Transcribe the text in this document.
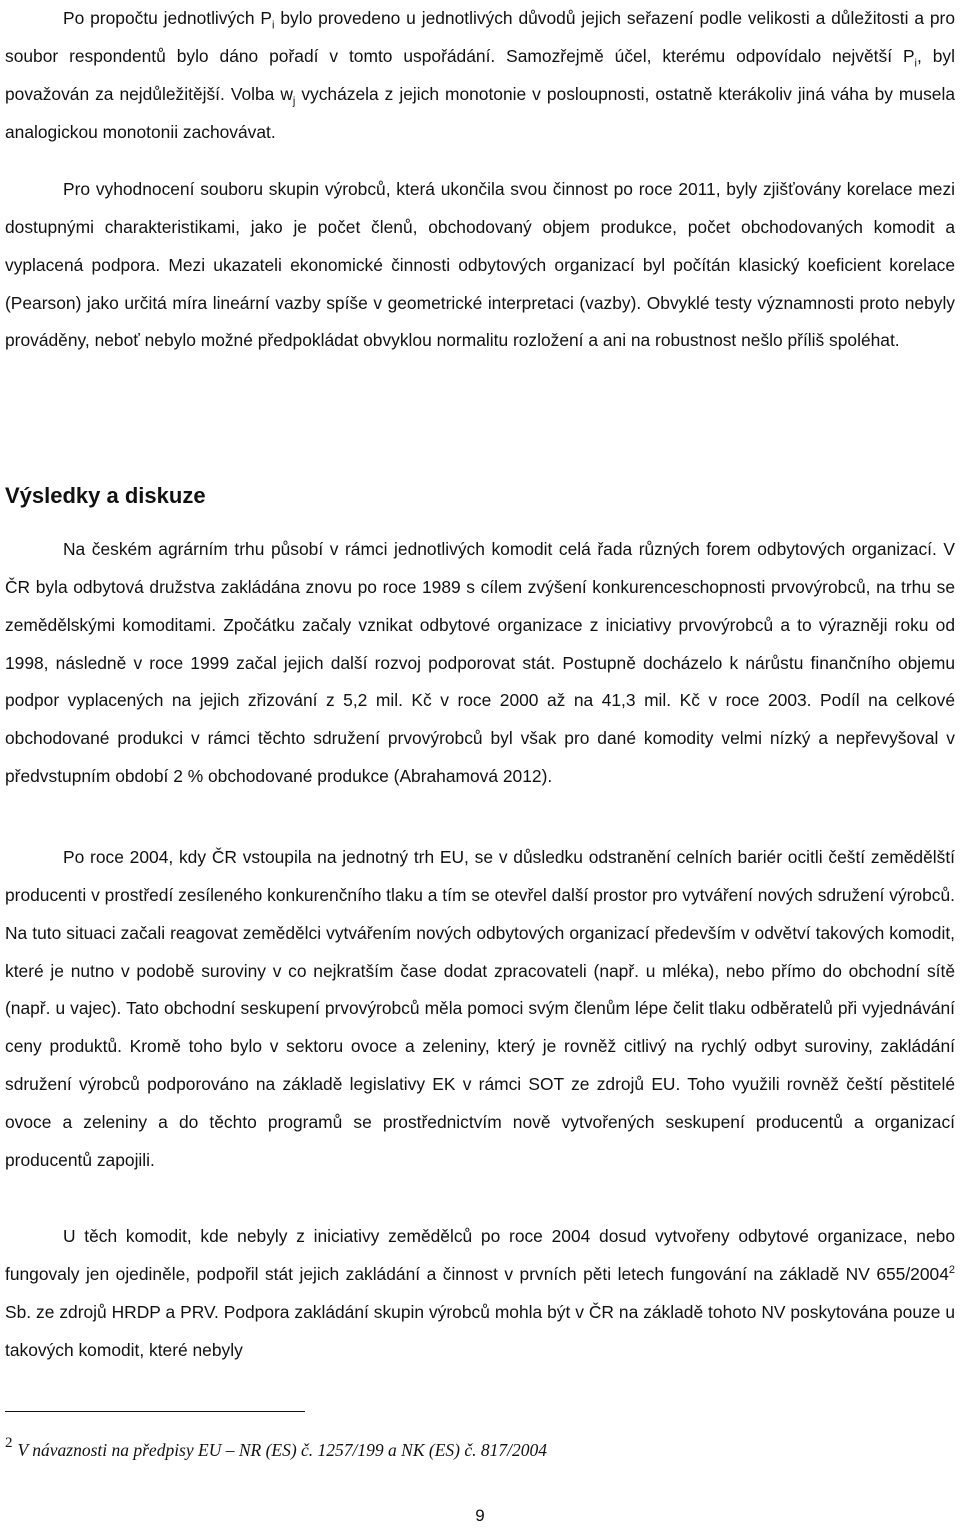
Po propočtu jednotlivých $P_i$ bylo provedeno u jednotlivých důvodů jejich seřazení podle velikosti a důležitosti a pro soubor respondentů bylo dáno pořadí v tomto uspořádání. Samozřejmě účel, kterému odpovídalo největší $P_i$, byl považován za nejdůležitější. Volba $w_j$ vycházela z jejich monotonie v posloupnosti, ostatně kterákoliv jiná váha by musela analogickou monotonii zachovávat.

Pro vyhodnocení souboru skupin výrobců, která ukončila svou činnost po roce 2011, byly zjišťovány korelace mezi dostupnými charakteristikami, jako je počet členů, obchodovaný objem produkce, počet obchodovaných komodit a vyplacená podpora. Mezi ukazateli ekonomické činnosti odbytových organizací byl počítán klasický koeficient korelace (Pearson) jako určitá míra lineární vazby spíše v geometrické interpretaci (vazby). Obvyklé testy významnosti proto nebyly prováděny, neboť nebylo možné předpokládat obvyklou normalitu rozložení a ani na robustnost nešlo příliš spoléhat.

Výsledky a diskuze

Na českém agrárním trhu působí v rámci jednotlivých komodit celá řada různých forem odbytových organizací. V ČR byla odbytová družstva zakládána znovu po roce 1989 s cílem zvýšení konkurenceschopnosti prvovýrobců, na trhu se zemědělskými komoditami. Zpočátku začaly vznikat odbytové organizace z iniciativy prvovýrobců a to výrazněji roku od 1998, následně v roce 1999 začal jejich další rozvoj podporovat stát. Postupně docházelo k nárůstu finančního objemu podpor vyplacených na jejich zřizování z 5,2 mil. Kč v roce 2000 až na 41,3 mil. Kč v roce 2003. Podíl na celkové obchodované produkci v rámci těchto sdružení prvovýrobců byl však pro dané komodity velmi nízký a nepřevyšoval v předvstupním období 2 % obchodované produkce (Abrahamová 2012).

Po roce 2004, kdy ČR vstoupila na jednotný trh EU, se v důsledku odstranění celních bariér ocitli čeští zemědělští producenti v prostředí zesíleného konkurenčního tlaku a tím se otevřel další prostor pro vytváření nových sdružení výrobců. Na tuto situaci začali reagovat zemědělci vytvářením nových odbytových organizací především v odvětví takových komodit, které je nutno v podobě suroviny v co nejkratším čase dodat zpracovateli (např. u mléka), nebo přímo do obchodní sítě (např. u vajec). Tato obchodní seskupení prvovýrobců měla pomoci svým členům lépe čelit tlaku odběratelů při vyjednávání ceny produktů. Kromě toho bylo v sektoru ovoce a zeleniny, který je rovněž citlivý na rychlý odbyt suroviny, zakládání sdružení výrobců podporováno na základě legislativy EK v rámci SOT ze zdrojů EU. Toho využili rovněž čeští pěstitelé ovoce a zeleniny a do těchto programů se prostřednictvím nově vytvořených seskupení producentů a organizací producentů zapojili.

U těch komodit, kde nebyly z iniciativy zemědělců po roce 2004 dosud vytvořeny odbytové organizace, nebo fungovaly jen ojediněle, podpořil stát jejich zakládání a činnost v prvních pěti letech fungování na základě NV 655/2004$^2$ Sb. ze zdrojů HRDP a PRV. Podpora zakládání skupin výrobců mohla být v ČR na základě tohoto NV poskytována pouze u takových komodit, které nebyly

2 V návaznosti na předpisy EU – NR (ES) č. 1257/199 a NK (ES) č. 817/2004

9
